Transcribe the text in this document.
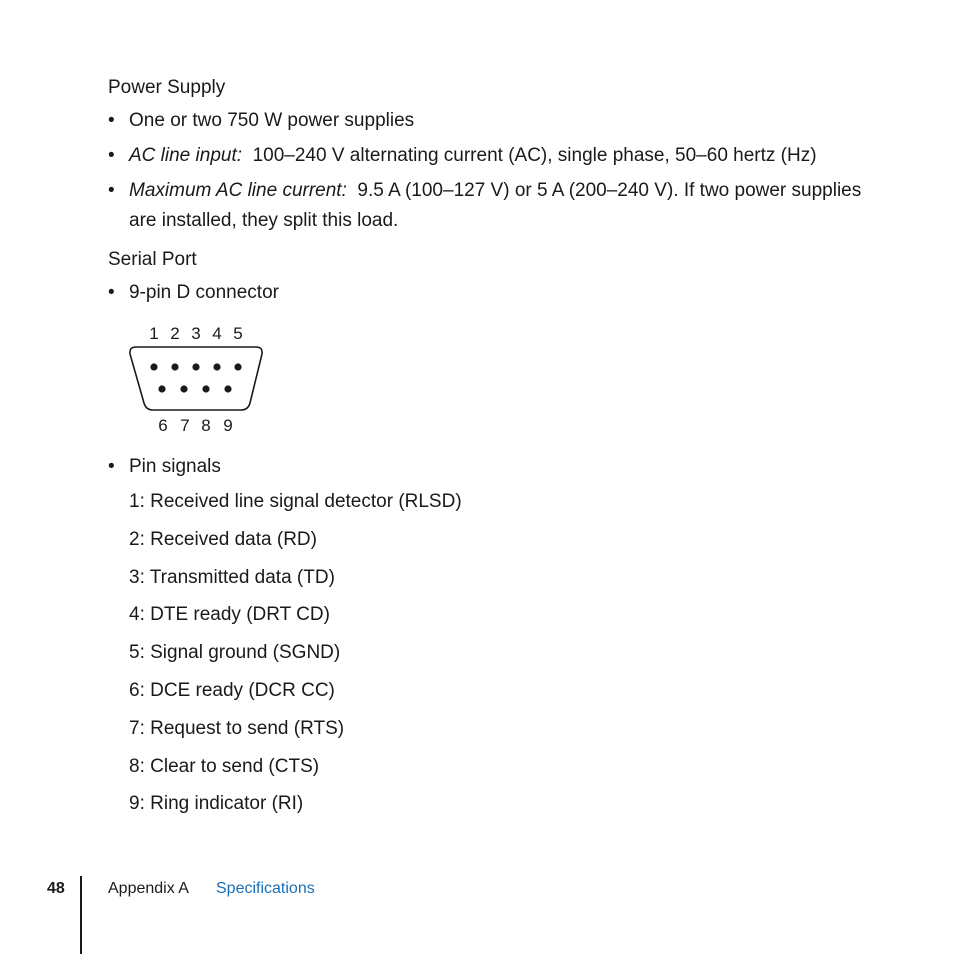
Power Supply
• One or two 750 W power supplies
• AC line input: 100–240 V alternating current (AC), single phase, 50–60 hertz (Hz)
• Maximum AC line current: 9.5 A (100–127 V) or 5 A (200–240 V). If two power supplies are installed, they split this load.
Serial Port
• 9-pin D connector
1 2 3 4 5
6 7 8 9
• Pin signals
1: Received line signal detector (RLSD)
2: Received data (RD)
3: Transmitted data (TD)
4: DTE ready (DRT CD)
5: Signal ground (SGND)
6: DCE ready (DCR CC)
7: Request to send (RTS)
8: Clear to send (CTS)
9: Ring indicator (RI)
48	Appendix A Specifications
